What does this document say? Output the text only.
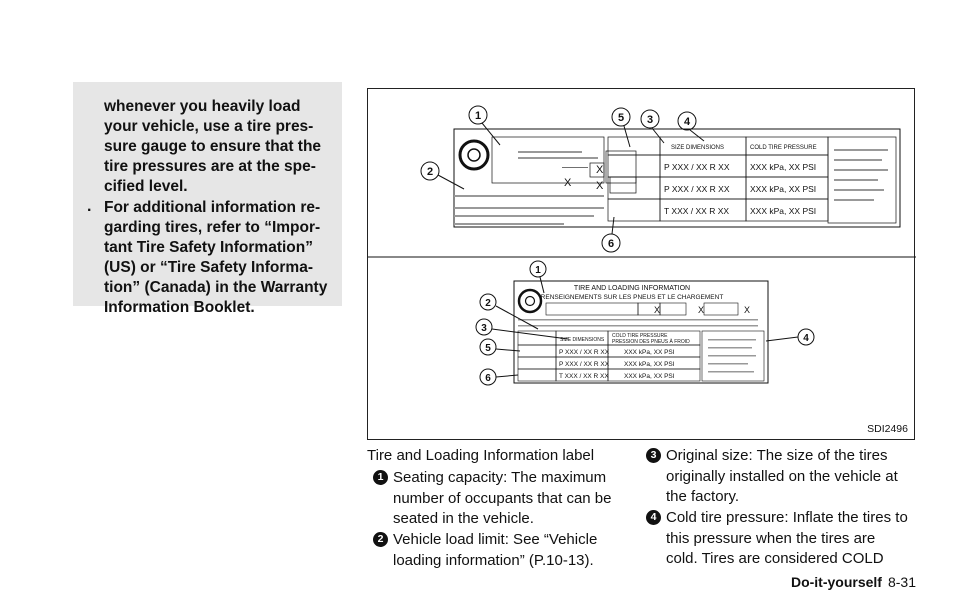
whenever you heavily load
your vehicle, use a tire pres-
sure gauge to ensure that the
tire pressures are at the spe-
cified level.
. For additional information re-
garding tires, refer to “Impor-
tant Tire Safety Information”
(US) or “Tire Safety Informa-
tion” (Canada) in the Warranty
Information Booklet.
X
X
X
SIZE DIMENSIONS	COLD TIRE PRESSURE
P XXX / XX R XX XXX kPa, XX PSI
P XXX / XX R XX XXX kPa, XX PSI
T XXX / XX R XX XXX kPa, XX PSI
1
2
5 3	4
6
TIRE AND LOADING INFORMATION
RENSEIGNEMENTS SUR LES PNEUS ET LE CHARGEMENT
X	X	X
SIZE DIMENSIONS
COLD TIRE PRESSURE
PRESSION DES PNEUS À FROID
P XXX / XX R XX XXX kPa, XX PSI
P XXX / XX R XX XXX kPa, XX PSI
T XXX / XX R XX XXX kPa, XX PSI
1
2
3
5
6
4
SDI2496
Tire and Loading Information label
1 Seating capacity: The maximum
number of occupants that can be
seated in the vehicle.
2 Vehicle load limit: See “Vehicle
loading information” (P.10-13).
3 Original size: The size of the tires
originally installed on the vehicle at
the factory.
4 Cold tire pressure: Inflate the tires to
this pressure when the tires are
cold. Tires are considered COLD
Do-it-yourself 8-31
